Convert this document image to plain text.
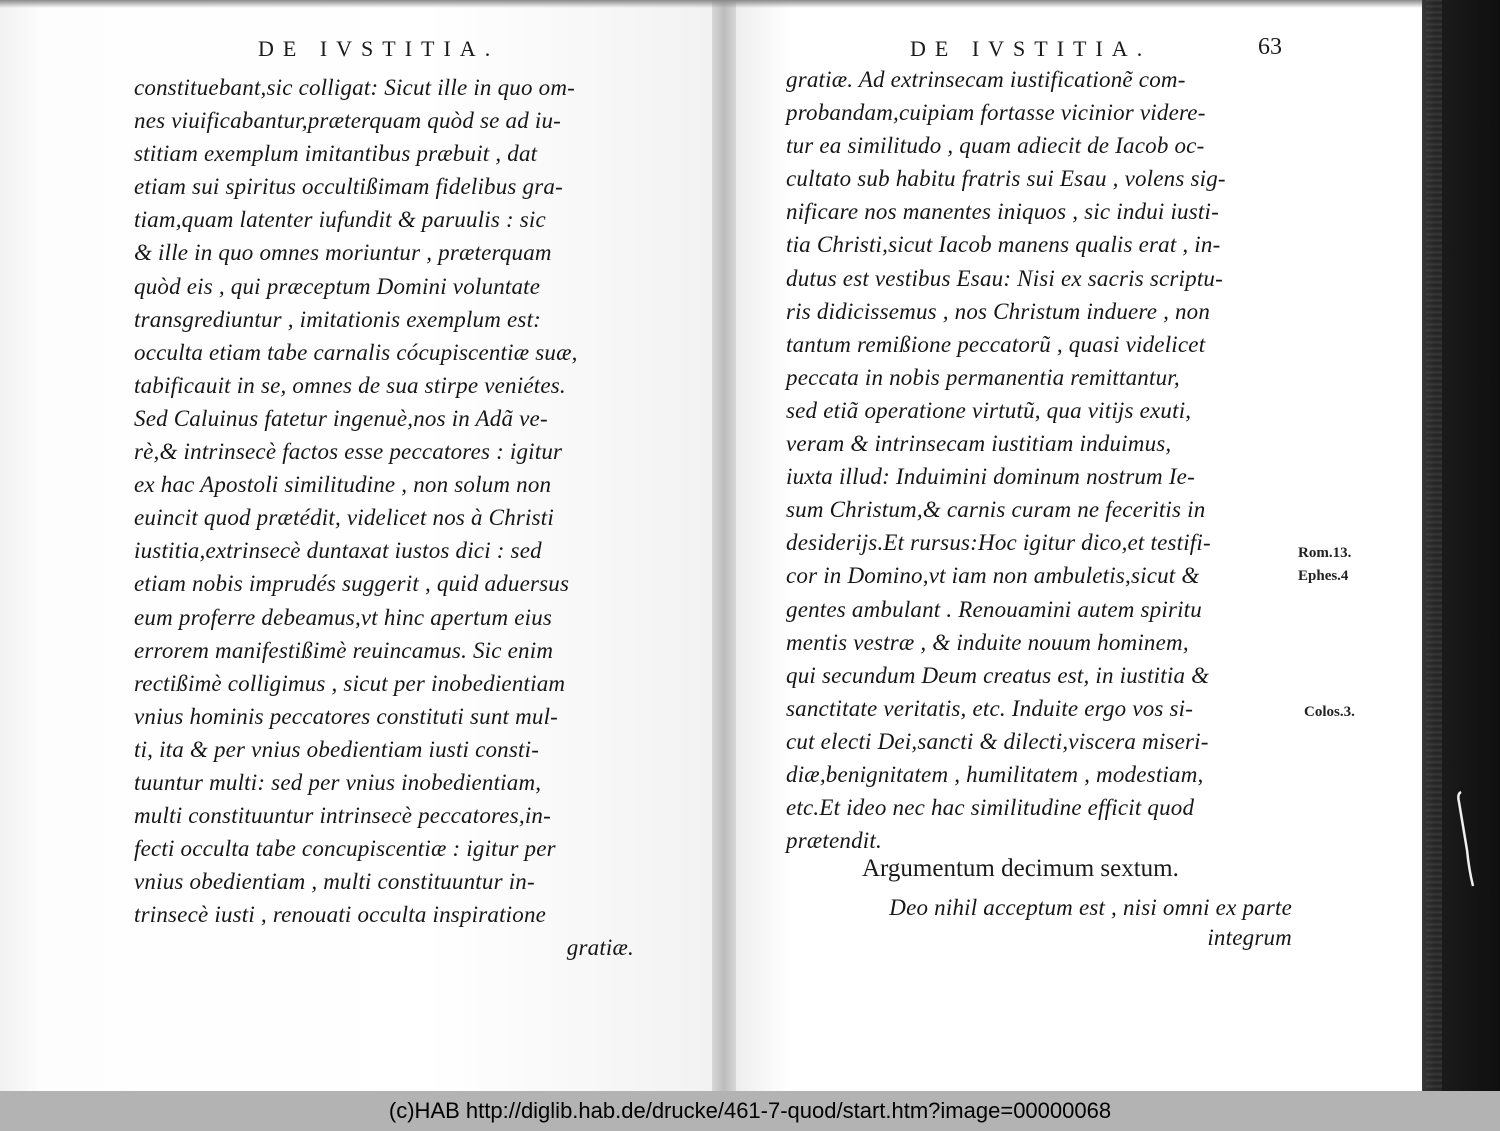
DE IVSTITIA.	DE IVSTITIA.	63
constituebant,sic colligat: Sicut ille in quo om-
nes viuificabantur,præterquam quòd se ad iu-
stitiam exemplum imitantibus præbuit , dat
etiam sui spiritus occultißimam fidelibus gra-
tiam,quam latenter iufundit & paruulis : sic
& ille in quo omnes moriuntur , præterquam
quòd eis , qui præceptum Domini voluntate
transgrediuntur , imitationis exemplum est:
occulta etiam tabe carnalis cócupiscentiæ suæ,
tabificauit in se, omnes de sua stirpe veniétes.
Sed Caluinus fatetur ingenuè,nos in Adã ve-
rè,& intrinsecè factos esse peccatores : igitur
ex hac Apostoli similitudine , non solum non
euincit quod prætédit, videlicet nos à Christi
iustitia,extrinsecè duntaxat iustos dici : sed
etiam nobis imprudés suggerit , quid aduersus
eum proferre debeamus,vt hinc apertum eius
errorem manifestißimè reuincamus. Sic enim
rectißimè colligimus , sicut per inobedientiam
vnius hominis peccatores constituti sunt mul-
ti, ita & per vnius obedientiam iusti consti-
tuuntur multi: sed per vnius inobedientiam,
multi constituuntur intrinsecè peccatores,in-
fecti occulta tabe concupiscentiæ : igitur per
vnius obedientiam , multi constituuntur in-
trinsecè iusti , renouati occulta inspiratione
gratiæ.
gratiæ. Ad extrinsecam iustificationẽ com-
probandam,cuipiam fortasse vicinior videre-
tur ea similitudo , quam adiecit de Iacob oc-
cultato sub habitu fratris sui Esau , volens sig-
nificare nos manentes iniquos , sic indui iusti-
tia Christi,sicut Iacob manens qualis erat , in-
dutus est vestibus Esau: Nisi ex sacris scriptu-
ris didicissemus , nos Christum induere , non
tantum remißione peccatorũ , quasi videlicet
peccata in nobis permanentia remittantur,
sed etiã operatione virtutũ, qua vitijs exuti,
veram & intrinsecam iustitiam induimus,
iuxta illud: Induimini dominum nostrum Ie-
sum Christum,& carnis curam ne feceritis in
desiderijs.Et rursus:Hoc igitur dico,et testifi-
cor in Domino,vt iam non ambuletis,sicut &
gentes ambulant . Renouamini autem spiritu
mentis vestræ , & induite nouum hominem,
qui secundum Deum creatus est, in iustitia &
sanctitate veritatis, etc. Induite ergo vos si-
cut electi Dei,sancti & dilecti,viscera miseri-
diæ,benignitatem , humilitatem , modestiam,
etc.Et ideo nec hac similitudine efficit quod
prætendit.
Rom.13.
Ephes.4
Colos.3.
Argumentum decimum sextum.
Deo nihil acceptum est , nisi omni ex parte
integrum
(c)HAB http://diglib.hab.de/drucke/461-7-quod/start.htm?image=00000068
